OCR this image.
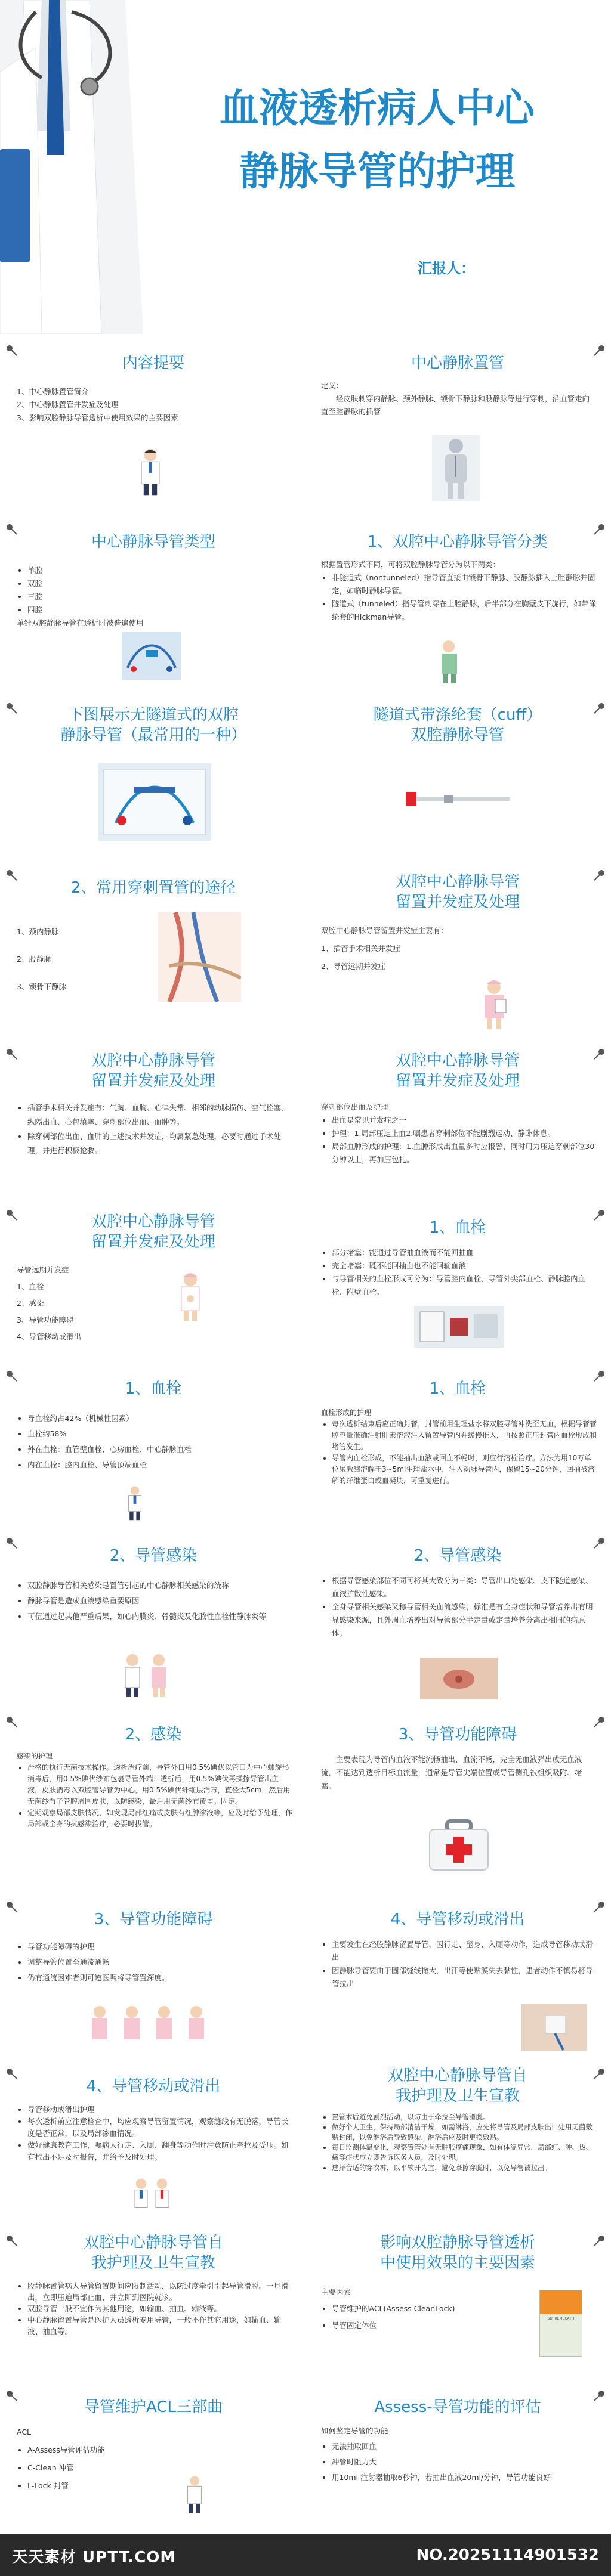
血液透析病人中心
静脉导管的护理
汇报人：
内容提要

1、中心静脉置管简介

2、中心静脉置管并发症及处理

3、影响双腔静脉导管透析中使用效果的主要因素

中心静脉置管

定义：

经皮肤刺穿内静脉、颈外静脉、锁骨下静脉和股静脉等进行穿刺，沿血管走向直至腔静脉的插管

中心静脉导管类型
• 单腔
• 双腔
• 三腔
• 四腔

单针双腔静脉导管在透析时被普遍使用

1、双腔中心静脉导管分类

根据置管形式不同，可将双腔静脉导管分为以下两类：

• 非隧道式（nontunneled）指导管直接由锁骨下静脉、股静脉插入上腔静脉并固定，如临时静脉导管。
• 隧道式（tunneled）指导管刺穿在上腔静脉，后半部分在胸壁皮下旋行，如带涤纶套的Hickman导管。
下图展示无隧道式的双腔
静脉导管（最常用的一种）
隧道式带涤纶套（cuff）
双腔静脉导管
2、常用穿刺置管的途径

1、颈内静脉

2、股静脉

3、锁骨下静脉

双腔中心静脉导管
留置并发症及处理

双腔中心静脉导管留置并发症主要有：

1、插管手术相关并发症

2、导管远期并发症

双腔中心静脉导管
留置并发症及处理
• 插管手术相关并发症有：气胸、血胸、心律失常、相邻的动脉损伤、空气栓塞、纵隔出血、心包填塞、穿刺部位出血、血肿等。
• 除穿刺部位出血、血肿的上述技术并发症，均属紧急处理，必要时通过手术处理，并进行积极抢救。
双腔中心静脉导管
留置并发症及处理

穿刺部位出血及护理：

• 出血是常见并发症之一
• 护理：1.局部压迫止血2.嘱患者穿刺部位不能剧烈运动、静卧休息。
• 局部血肿形成的护理：1.血肿形成出血量多时应报警，同时用力压迫穿刺部位30分钟以上，再加压包扎。
双腔中心静脉导管
留置并发症及处理

导管远期并发症

1、血栓

2、感染

3、导管功能障碍

4、导管移动或滑出

1、血栓
• 部分堵塞：能通过导管抽血液而不能回抽血
• 完全堵塞：既不能回抽血也不能回输血液
• 与导管相关的血栓形成可分为：导管腔内血栓、导管外尖部血栓、静脉腔内血栓、附壁血栓。
1、血栓
• 导血栓约占42%（机械性因素）
• 血栓约58%
• 外在血栓：血管壁血栓、心房血栓、中心静脉血栓
• 内在血栓：腔内血栓、导管顶端血栓
1、血栓

血栓形成的护理

• 每次透析结束后应正确封管，封管前用生理盐水将双腔导管冲洗至无血，根据导管管腔容量准确注射肝素溶液注入留置导管内并缓慢推入，再按照正压封管内血栓形成和堵管发生。
• 导管内血栓形成，不能抽出血液或回血不畅时，则应行溶栓治疗。方法为用10万单位尿激酶溶解于3~5ml生理盐水中，注入动脉导管内，保留15~20分钟，回抽被溶解的纤维蛋白或血凝块，可重复进行。
2、导管感染
• 双腔静脉导管相关感染是置管引起的中心静脉相关感染的统称
• 静脉导管是造成血液感染重要原因
• 可伍通过起其他严重后果，如心内膜炎、骨髓炎及化脓性血栓性静脉炎等
2、导管感染
• 根据导管感染部位不同可将其大致分为三类：导管出口处感染、皮下隧道感染、血液扩散性感染。
• 全身导管相关感染又称导管相关血流感染，标准是有全身症状和导管培养出有明显感染来源，且外周血培养出对导管部分半定量或定量培养分离出相同的病原体。
2、感染

感染的护理

• 严格的执行无菌技术操作。透析治疗前，导管外口用0.5%碘伏以管口为中心螺旋形消毒后，用0.5%碘伏纱布包裹导管外端；透析后，用0.5%碘伏再揉擦导管出血液，皮肤消毒以双腔管导管为中心，用0.5%碘伏纤维层消毒，直径大5cm，然后用无菌纱布子管腔周围皮肤，以防感染，最后用无菌纱布覆盖。固定。
• 定期观察局部皮肤情况，如发现局部红痛或皮肤有红肿渗液等，应及时给予处理，作局部或全身的抗感染治疗，必要时拔管。
3、导管功能障碍

主要表现为导管内血液不能流畅抽出，血流不畅，完全无血液弹出或无血液流，不能达到透析目标血流量，通常是导管尖端位置或导管侧孔被组织吸附、堵塞。

3、导管功能障碍
• 导管功能障碍的护理
• 调整导管位置至通流通畅
• 仍有通流困难者则可遵医嘱将导管置深度。
4、导管移动或滑出
• 主要发生在经股静脉留置导管，因行走、翻身、入厕等动作，造成导管移动或滑出
• 因静脉导管要由于固部缝线撤大，出汗等使贴膜失去黏性，患者动作不慎易将导管拉出
4、导管移动或滑出
• 导管移动或滑出护理
• 每次透析前应注意检查中，均应观察导管留置情况，观察缝线有无脱落，导管长度是否正常，以及局部渗血情况。
• 做好健康教育工作，嘱病人行走、入厕、翻身等动作时注意防止牵拉及受压。如有拉出不足及时报告，并给予及时处理。
双腔中心静脉导管自
我护理及卫生宣教
• 置管术后避免剧烈活动，以防由于牵拉至导管滑脱。
• 做好个人卫生，保持局部清洁干燥，如需淋浴，应先将导管及局部皮肤出口处用无菌敷贴封闭，以免淋浴后导致感染，淋浴后应及时更换敷贴。
• 每日监测体温变化，观察置管处有无肿胀疼痛现象，如有体温异常，局部红、肿、热、痛等症状应立即告诉医务人员，及时处理。
• 选择合适的穿衣裤，以平软开为宜，避免摩擦穿脱时，以免导管被拉出。
双腔中心静脉导管自
我护理及卫生宣教
• 股静脉置管病人导管留置期间应限制活动，以防过度牵引引起导管滑脱。一旦滑出，立即压迫局部止血，并立即到医院就诊。
• 双腔导管一般不宜作为其他用途，如输血、抽血、输液等。
• 中心静脉留置导管是医护人员透析专用导管，一般不作其它用途，如输血、输液、抽血等。
影响双腔静脉导管透析
中使用效果的主要因素

主要因素

• 导管维护的ACL(Assess CleanLock)
• 导管固定体位
SUPREMECATH
导管维护ACL三部曲

ACL

• A-Assess导管评估功能
• C-Clean 冲管
• L-Lock 封管
Assess-导管功能的评估

如何鉴定导管的功能

• 无法抽取回血
• 冲管时阻力大
• 用10ml 注射器抽取6秒钟，若抽出血液20ml/分钟，导管功能良好
天天素材 UPTT.COM	NO.20251114901532
